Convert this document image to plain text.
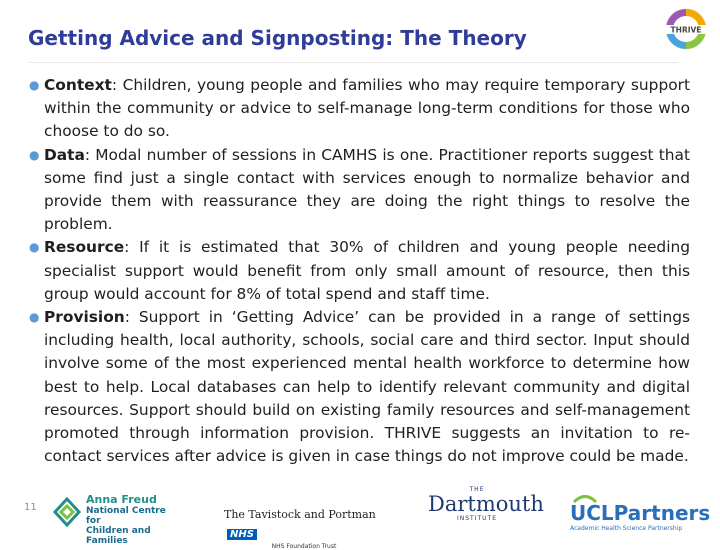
Getting Advice and Signposting: The Theory	THRIVE
● Context: Children, young people and families who may require temporary support within the community or advice to self-manage long-term conditions for those who choose to do so.
● Data: Modal number of sessions in CAMHS is one. Practitioner reports suggest that some find just a single contact with services enough to normalize behavior and provide them with reassurance they are doing the right things to resolve the problem.
● Resource: If it is estimated that 30% of children and young people needing specialist support would benefit from only small amount of resource, then this group would account for 8% of total spend and staff time.
● Provision: Support in ‘Getting Advice’ can be provided in a range of settings including health, local authority, schools, social care and third sector. Input should involve some of the most experienced mental health workforce to determine how best to help. Local databases can help to identify relevant community and digital resources. Support should build on existing family resources and self-management promoted through information provision. THRIVE suggests an invitation to re-contact services after advice is given in case things do not improve could be made.
11
Anna Freud
National Centre for
Children and Families
The Tavistock and PortmanNHS
NHS Foundation Trust
THE
Dartmouth
INSTITUTE	UCLPartners
Academic Health Science Partnership
